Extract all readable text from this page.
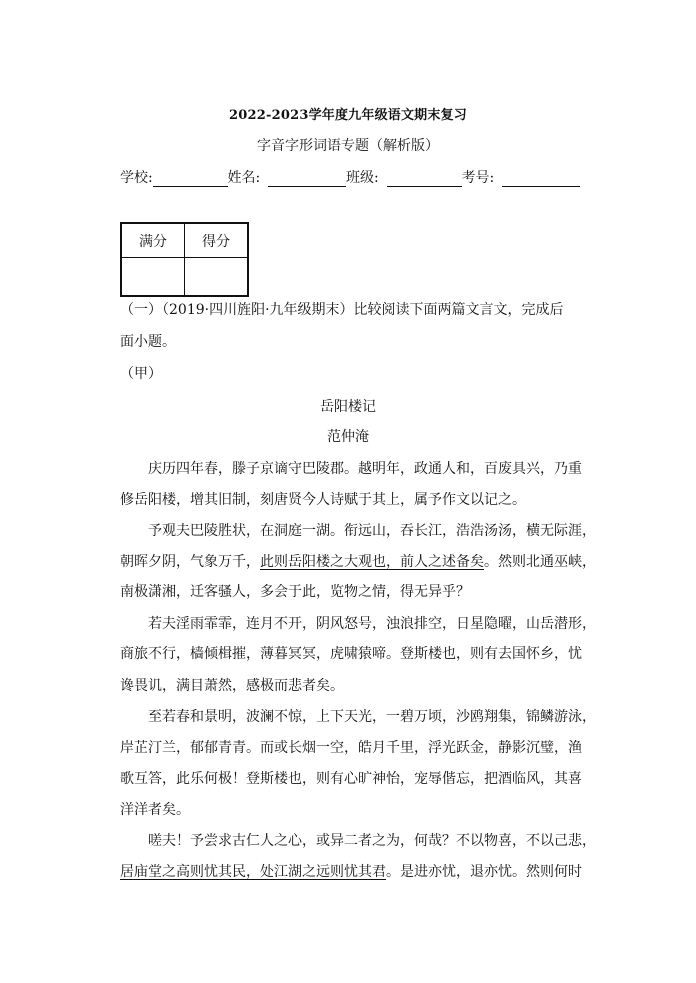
2022-2023学年度九年级语文期末复习
字音字形词语专题（解析版）
学校:	姓名:	班级:	考号:
满分	得分

（一）（2019·四川旌阳·九年级期末）比较阅读下面两篇文言文，完成后
面小题。
（甲）
岳阳楼记
范仲淹
庆历四年春，滕子京谪守巴陵郡。越明年，政通人和，百废具兴，乃重
修岳阳楼，增其旧制，刻唐贤今人诗赋于其上，属予作文以记之。
予观夫巴陵胜状，在洞庭一湖。衔远山，吞长江，浩浩汤汤，横无际涯，
朝晖夕阴，气象万千，此则岳阳楼之大观也，前人之述备矣。然则北通巫峡，
南极潇湘，迁客骚人，多会于此，览物之情，得无异乎？
若夫淫雨霏霏，连月不开，阴风怒号，浊浪排空，日星隐曜，山岳潜形，
商旅不行，樯倾楫摧，薄暮冥冥，虎啸猿啼。登斯楼也，则有去国怀乡，忧
谗畏讥，满目萧然，感极而悲者矣。
至若春和景明，波澜不惊，上下天光，一碧万顷，沙鸥翔集，锦鳞游泳，
岸芷汀兰，郁郁青青。而或长烟一空，皓月千里，浮光跃金，静影沉璧，渔
歌互答，此乐何极！登斯楼也，则有心旷神怡，宠辱偕忘，把酒临风，其喜
洋洋者矣。
嗟夫！予尝求古仁人之心，或异二者之为，何哉？不以物喜，不以己悲，
居庙堂之高则忧其民，处江湖之远则忧其君。是进亦忧，退亦忧。然则何时
